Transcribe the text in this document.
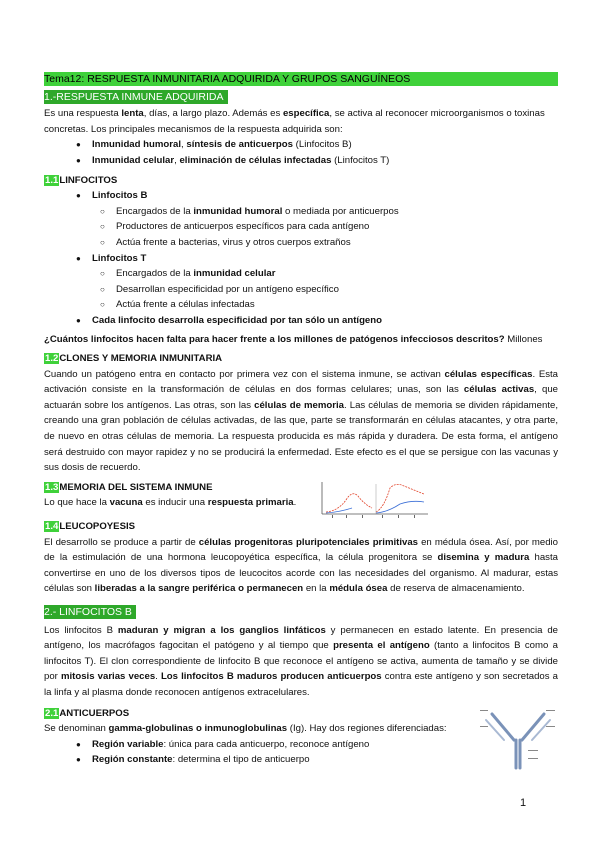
Tema12: RESPUESTA INMUNITARIA ADQUIRIDA Y GRUPOS SANGUÍNEOS
1.-RESPUESTA INMUNE ADQUIRIDA

Es una respuesta lenta, días, a largo plazo. Además es específica, se activa al reconocer microorganismos o toxinas concretas. Los principales mecanismos de la respuesta adquirida son:

● Inmunidad humoral, síntesis de anticuerpos (Linfocitos B)
● Inmunidad celular, eliminación de células infectadas (Linfocitos T)
1.1LINFOCITOS
● Linfocitos B
○ Encargados de la inmunidad humoral o mediada por anticuerpos
○ Productores de anticuerpos específicos para cada antígeno
○ Actúa frente a bacterias, virus y otros cuerpos extraños
● Linfocitos T
○ Encargados de la inmunidad celular
○ Desarrollan especificidad por un antígeno específico
○ Actúa frente a células infectadas
● Cada linfocito desarrolla especificidad por tan sólo un antígeno

¿Cuántos linfocitos hacen falta para hacer frente a los millones de patógenos infecciosos descritos? Millones

1.2CLONES Y MEMORIA INMUNITARIA

Cuando un patógeno entra en contacto por primera vez con el sistema inmune, se activan células específicas. Esta activación consiste en la transformación de células en dos formas celulares; unas, son las células activas, que actuarán sobre los antígenos. Las otras, son las células de memoria. Las células de memoria se dividen rápidamente, creando una gran población de células activadas, de las que, parte se transformarán en células atacantes, y otra parte, de nuevo en otras células de memoria. La respuesta producida es más rápida y duradera. De esta forma, el antígeno será destruido con mayor rapidez y no se producirá la enfermedad. Este efecto es el que se persigue con las vacunas y sus dosis de recuerdo.

1.3MEMORIA DEL SISTEMA INMUNE

Lo que hace la vacuna es inducir una respuesta primaria.

1.4LEUCOPOYESIS

El desarrollo se produce a partir de células progenitoras pluripotenciales primitivas en médula ósea. Así, por medio de la estimulación de una hormona leucopoyética específica, la célula progenitora se disemina y madura hasta convertirse en uno de los diversos tipos de leucocitos acorde con las necesidades del organismo. Al madurar, estas células son liberadas a la sangre periférica o permanecen en la médula ósea de reserva de almacenamiento.

2.- LINFOCITOS B

Los linfocitos B maduran y migran a los ganglios linfáticos y permanecen en estado latente. En presencia de antígeno, los macrófagos fagocitan el patógeno y al tiempo que presenta el antígeno (tanto a linfocitos B como a linfocitos T). El clon correspondiente de linfocito B que reconoce el antígeno se activa, aumenta de tamaño y se divide por mitosis varias veces. Los linfocitos B maduros producen anticuerpos contra este antígeno y son secretados a la linfa y al plasma donde reconocen antígenos extracelulares.

2.1ANTICUERPOS

Se denominan gamma-globulinas o inmunoglobulinas (Ig). Hay dos regiones diferenciadas:

● Región variable: única para cada anticuerpo, reconoce antígeno
● Región constante: determina el tipo de anticuerpo
1
